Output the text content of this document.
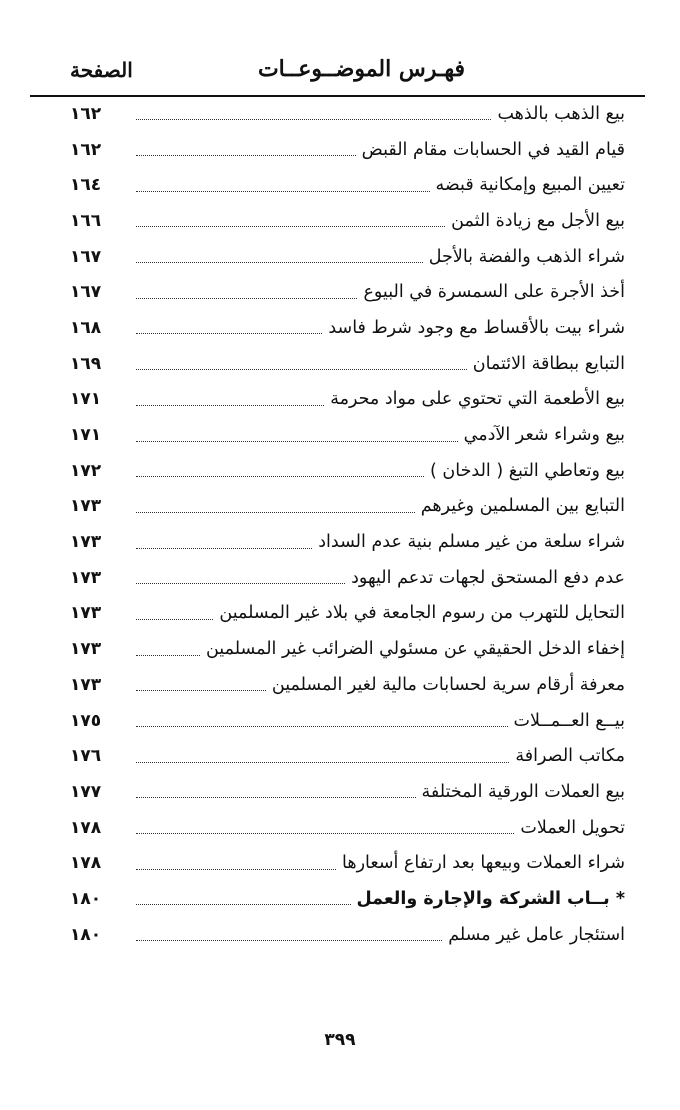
فهـرس الموضــوعــات
الصفحة
بيع الذهب بالذهب
١٦٢
قيام القيد في الحسابات مقام القبض
١٦٢
تعيين المبيع وإمكانية قبضه
١٦٤
بيع الأجل مع زيادة الثمن
١٦٦
شراء الذهب والفضة بالأجل
١٦٧
أخذ الأجرة على السمسرة في البيوع
١٦٧
شراء بيت بالأقساط مع وجود شرط فاسد
١٦٨
التبايع ببطاقة الائتمان
١٦٩
بيع الأطعمة التي تحتوي على مواد محرمة
١٧١
بيع وشراء شعر الآدمي
١٧١
بيع وتعاطي التبغ ( الدخان )
١٧٢
التبايع بين المسلمين وغيرهم
١٧٣
شراء سلعة من غير مسلم بنية عدم السداد
١٧٣
عدم دفع المستحق لجهات تدعم اليهود
١٧٣
التحايل للتهرب من رسوم الجامعة في بلاد غير المسلمين
١٧٣
إخفاء الدخل الحقيقي عن مسئولي الضرائب غير المسلمين
١٧٣
معرفة أرقام سرية لحسابات مالية لغير المسلمين
١٧٣
بيــع العــمــلات
١٧٥
مكاتب الصرافة
١٧٦
بيع العملات الورقية المختلفة
١٧٧
تحويل العملات
١٧٨
شراء العملات وبيعها بعد ارتفاع أسعارها
١٧٨
* بــاب الشركة والإجارة والعمل
١٨٠
استئجار عامل غير مسلم
١٨٠
٣٩٩
